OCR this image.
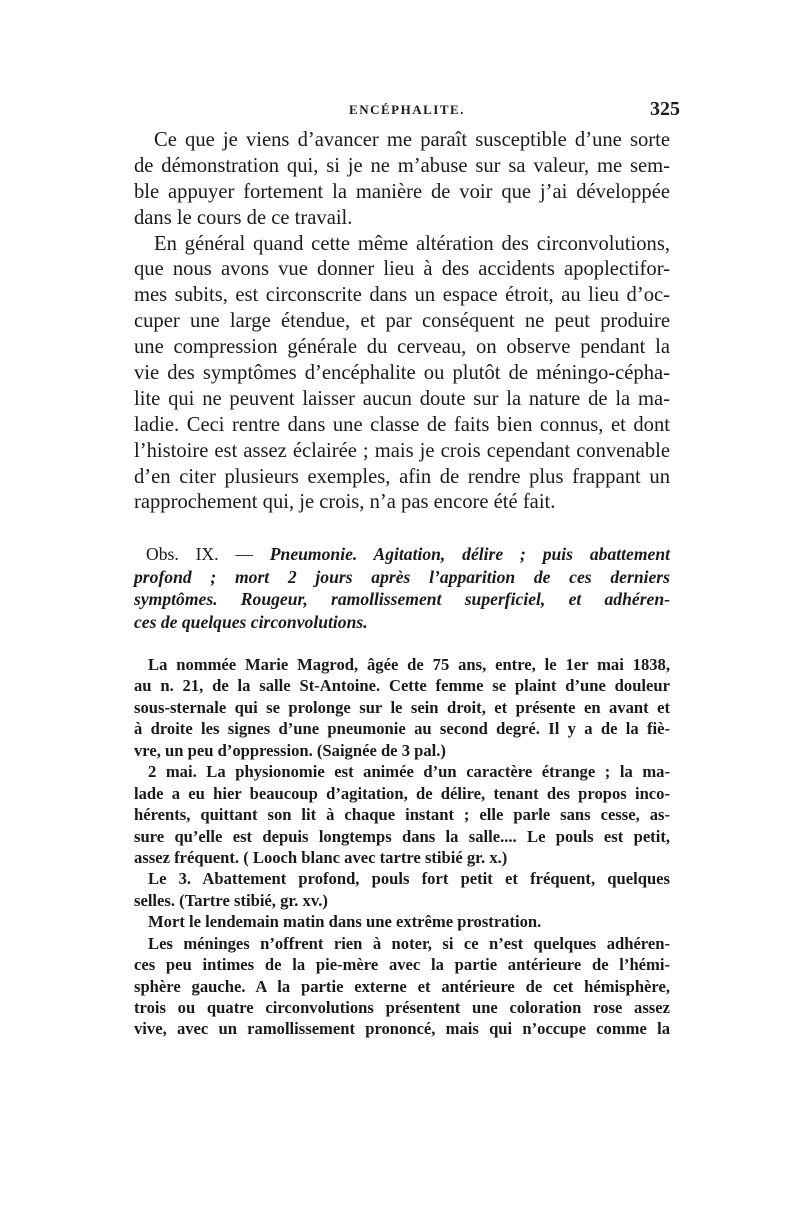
ENCÉPHALITE.	325
Ce que je viens d’avancer me paraît susceptible d’une sorte
de démonstration qui, si je ne m’abuse sur sa valeur, me sem-
ble appuyer fortement la manière de voir que j’ai développée
dans le cours de ce travail.
En général quand cette même altération des circonvolutions,
que nous avons vue donner lieu à des accidents apoplectifor-
mes subits, est circonscrite dans un espace étroit, au lieu d’oc-
cuper une large étendue, et par conséquent ne peut produire
une compression générale du cerveau, on observe pendant la
vie des symptômes d’encéphalite ou plutôt de méningo-cépha-
lite qui ne peuvent laisser aucun doute sur la nature de la ma-
ladie. Ceci rentre dans une classe de faits bien connus, et dont
l’histoire est assez éclairée ; mais je crois cependant convenable
d’en citer plusieurs exemples, afin de rendre plus frappant un
rapprochement qui, je crois, n’a pas encore été fait.
Obs. IX. — Pneumonie. Agitation, délire ; puis abattement
profond ; mort 2 jours après l’apparition de ces derniers
symptômes. Rougeur, ramollissement superficiel, et adhéren-
ces de quelques circonvolutions.
La nommée Marie Magrod, âgée de 75 ans, entre, le 1er mai 1838,
au n. 21, de la salle St-Antoine. Cette femme se plaint d’une douleur
sous-sternale qui se prolonge sur le sein droit, et présente en avant et
à droite les signes d’une pneumonie au second degré. Il y a de la fiè-
vre, un peu d’oppression. (Saignée de 3 pal.)
2 mai. La physionomie est animée d’un caractère étrange ; la ma-
lade a eu hier beaucoup d’agitation, de délire, tenant des propos inco-
hérents, quittant son lit à chaque instant ; elle parle sans cesse, as-
sure qu’elle est depuis longtemps dans la salle.... Le pouls est petit,
assez fréquent. ( Looch blanc avec tartre stibié gr. x.)
Le 3. Abattement profond, pouls fort petit et fréquent, quelques
selles. (Tartre stibié, gr. xv.)
Mort le lendemain matin dans une extrême prostration.
Les méninges n’offrent rien à noter, si ce n’est quelques adhéren-
ces peu intimes de la pie-mère avec la partie antérieure de l’hémi-
sphère gauche. A la partie externe et antérieure de cet hémisphère,
trois ou quatre circonvolutions présentent une coloration rose assez
vive, avec un ramollissement prononcé, mais qui n’occupe comme la
